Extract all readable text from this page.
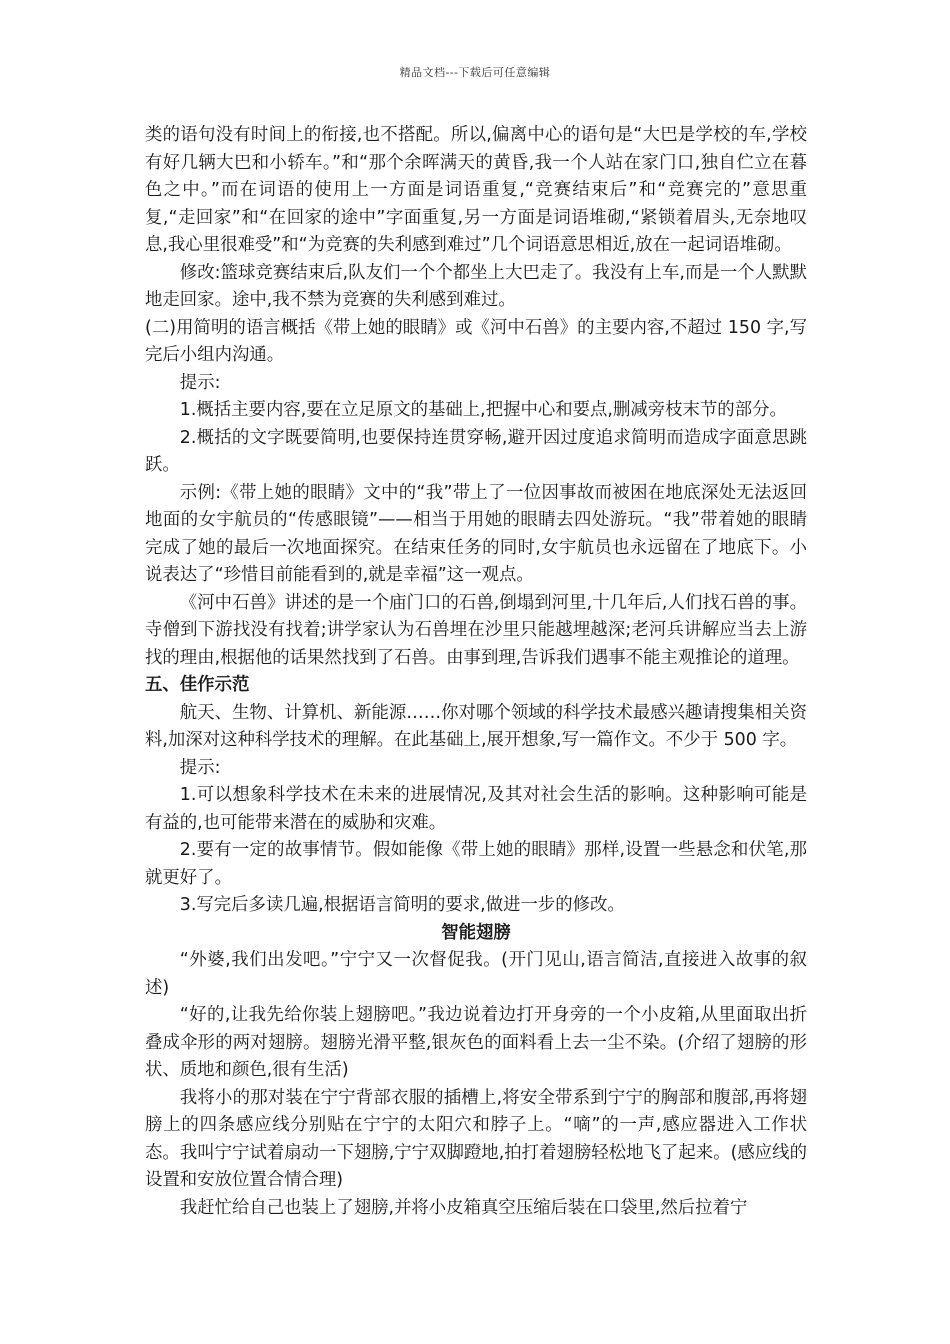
精品文档---下载后可任意编辑

类的语句没有时间上的衔接,也不搭配。所以,偏离中心的语句是“大巴是学校的车,学校有好几辆大巴和小轿车。”和“那个余晖满天的黄昏,我一个人站在家门口,独自伫立在暮色之中。”而在词语的使用上一方面是词语重复,“竞赛结束后”和“竞赛完的”意思重复,“走回家”和“在回家的途中”字面重复,另一方面是词语堆砌,“紧锁着眉头,无奈地叹息,我心里很难受”和“为竞赛的失利感到难过”几个词语意思相近,放在一起词语堆砌。

修改:篮球竞赛结束后,队友们一个个都坐上大巴走了。我没有上车,而是一个人默默地走回家。途中,我不禁为竞赛的失利感到难过。

(二)用简明的语言概括《带上她的眼睛》或《河中石兽》的主要内容,不超过 150 字,写完后小组内沟通。

提示:

1.概括主要内容,要在立足原文的基础上,把握中心和要点,删减旁枝末节的部分。

2.概括的文字既要简明,也要保持连贯穿畅,避开因过度追求简明而造成字面意思跳跃。

示例:《带上她的眼睛》文中的“我”带上了一位因事故而被困在地底深处无法返回地面的女宇航员的“传感眼镜”——相当于用她的眼睛去四处游玩。“我”带着她的眼睛完成了她的最后一次地面探究。在结束任务的同时,女宇航员也永远留在了地底下。小说表达了“珍惜目前能看到的,就是幸福”这一观点。

《河中石兽》讲述的是一个庙门口的石兽,倒塌到河里,十几年后,人们找石兽的事。寺僧到下游找没有找着;讲学家认为石兽埋在沙里只能越埋越深;老河兵讲解应当去上游找的理由,根据他的话果然找到了石兽。由事到理,告诉我们遇事不能主观推论的道理。

五、佳作示范

航天、生物、计算机、新能源……你对哪个领域的科学技术最感兴趣请搜集相关资料,加深对这种科学技术的理解。在此基础上,展开想象,写一篇作文。不少于 500 字。

提示:

1.可以想象科学技术在未来的进展情况,及其对社会生活的影响。这种影响可能是有益的,也可能带来潜在的威胁和灾难。

2.要有一定的故事情节。假如能像《带上她的眼睛》那样,设置一些悬念和伏笔,那就更好了。

3.写完后多读几遍,根据语言简明的要求,做进一步的修改。

智能翅膀

“外婆,我们出发吧。”宁宁又一次督促我。(开门见山,语言简洁,直接进入故事的叙述)

“好的,让我先给你装上翅膀吧。”我边说着边打开身旁的一个小皮箱,从里面取出折叠成伞形的两对翅膀。翅膀光滑平整,银灰色的面料看上去一尘不染。(介绍了翅膀的形状、质地和颜色,很有生活)

我将小的那对装在宁宁背部衣服的插槽上,将安全带系到宁宁的胸部和腹部,再将翅膀上的四条感应线分别贴在宁宁的太阳穴和脖子上。“嘀”的一声,感应器进入工作状态。我叫宁宁试着扇动一下翅膀,宁宁双脚蹬地,拍打着翅膀轻松地飞了起来。(感应线的设置和安放位置合情合理)

我赶忙给自己也装上了翅膀,并将小皮箱真空压缩后装在口袋里,然后拉着宁
